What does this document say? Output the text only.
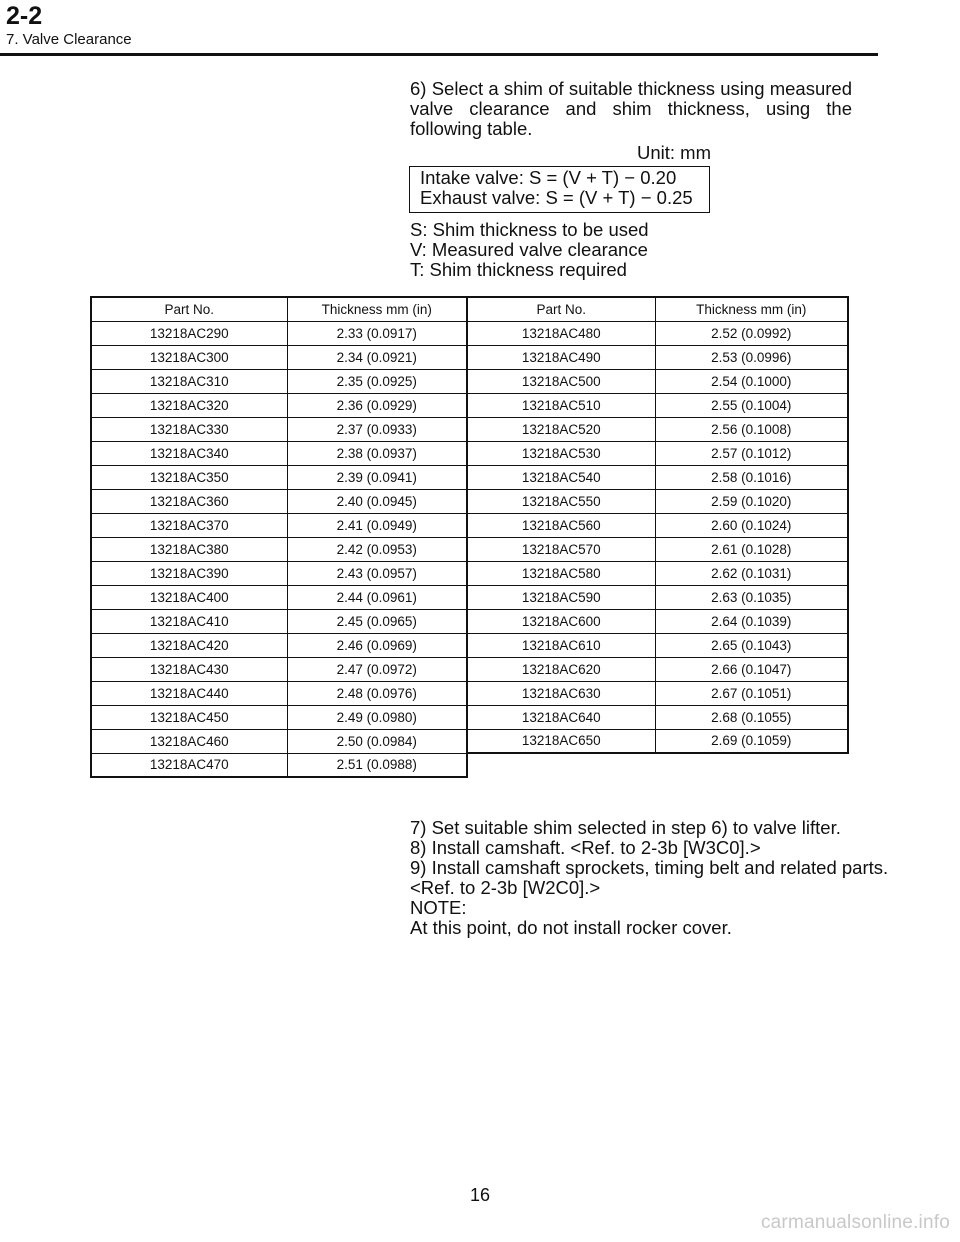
2-2
7. Valve Clearance
6) Select a shim of suitable thickness using measured valve clearance and shim thickness, using the following table.
Unit: mm
Intake valve: S = (V + T) − 0.20
Exhaust valve: S = (V + T) − 0.25
S: Shim thickness to be used
V: Measured valve clearance
T: Shim thickness required
Part No.	Thickness mm (in)	Part No.	Thickness mm (in)
13218AC290	2.33 (0.0917)	13218AC480	2.52 (0.0992)
13218AC300	2.34 (0.0921)	13218AC490	2.53 (0.0996)
13218AC310	2.35 (0.0925)	13218AC500	2.54 (0.1000)
13218AC320	2.36 (0.0929)	13218AC510	2.55 (0.1004)
13218AC330	2.37 (0.0933)	13218AC520	2.56 (0.1008)
13218AC340	2.38 (0.0937)	13218AC530	2.57 (0.1012)
13218AC350	2.39 (0.0941)	13218AC540	2.58 (0.1016)
13218AC360	2.40 (0.0945)	13218AC550	2.59 (0.1020)
13218AC370	2.41 (0.0949)	13218AC560	2.60 (0.1024)
13218AC380	2.42 (0.0953)	13218AC570	2.61 (0.1028)
13218AC390	2.43 (0.0957)	13218AC580	2.62 (0.1031)
13218AC400	2.44 (0.0961)	13218AC590	2.63 (0.1035)
13218AC410	2.45 (0.0965)	13218AC600	2.64 (0.1039)
13218AC420	2.46 (0.0969)	13218AC610	2.65 (0.1043)
13218AC430	2.47 (0.0972)	13218AC620	2.66 (0.1047)
13218AC440	2.48 (0.0976)	13218AC630	2.67 (0.1051)
13218AC450	2.49 (0.0980)	13218AC640	2.68 (0.1055)
13218AC460	2.50 (0.0984)	13218AC650	2.69 (0.1059)
13218AC470	2.51 (0.0988)		
7) Set suitable shim selected in step 6) to valve lifter.
8) Install camshaft. <Ref. to 2-3b [W3C0].>
9) Install camshaft sprockets, timing belt and related parts.
<Ref. to 2-3b [W2C0].>
NOTE:
At this point, do not install rocker cover.
16
carmanualsonline.info
